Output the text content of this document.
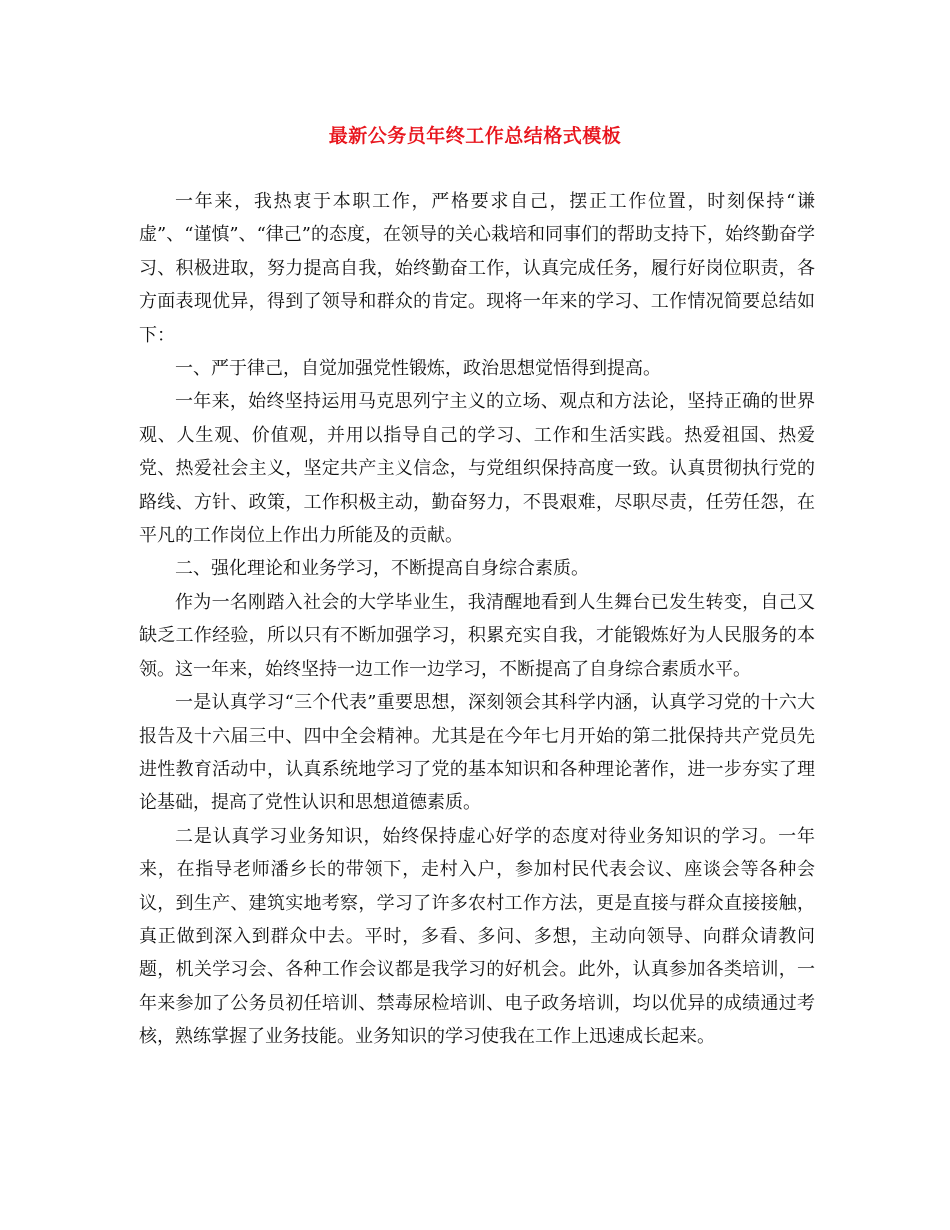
最新公务员年终工作总结格式模板

一年来，我热衷于本职工作，严格要求自己，摆正工作位置，时刻保持“谦虚”、“谨慎”、“律己”的态度，在领导的关心栽培和同事们的帮助支持下，始终勤奋学习、积极进取，努力提高自我，始终勤奋工作，认真完成任务，履行好岗位职责，各方面表现优异，得到了领导和群众的肯定。现将一年来的学习、工作情况简要总结如下：

一、严于律己，自觉加强党性锻炼，政治思想觉悟得到提高。

一年来，始终坚持运用马克思列宁主义的立场、观点和方法论，坚持正确的世界观、人生观、价值观，并用以指导自己的学习、工作和生活实践。热爱祖国、热爱党、热爱社会主义，坚定共产主义信念，与党组织保持高度一致。认真贯彻执行党的路线、方针、政策，工作积极主动，勤奋努力，不畏艰难，尽职尽责，任劳任怨，在平凡的工作岗位上作出力所能及的贡献。

二、强化理论和业务学习，不断提高自身综合素质。

作为一名刚踏入社会的大学毕业生，我清醒地看到人生舞台已发生转变，自己又缺乏工作经验，所以只有不断加强学习，积累充实自我，才能锻炼好为人民服务的本领。这一年来，始终坚持一边工作一边学习，不断提高了自身综合素质水平。

一是认真学习“三个代表”重要思想，深刻领会其科学内涵，认真学习党的十六大报告及十六届三中、四中全会精神。尤其是在今年七月开始的第二批保持共产党员先进性教育活动中，认真系统地学习了党的基本知识和各种理论著作，进一步夯实了理论基础，提高了党性认识和思想道德素质。

二是认真学习业务知识，始终保持虚心好学的态度对待业务知识的学习。一年来，在指导老师潘乡长的带领下，走村入户，参加村民代表会议、座谈会等各种会议，到生产、建筑实地考察，学习了许多农村工作方法，更是直接与群众直接接触，真正做到深入到群众中去。平时，多看、多问、多想，主动向领导、向群众请教问题，机关学习会、各种工作会议都是我学习的好机会。此外，认真参加各类培训，一年来参加了公务员初任培训、禁毒尿检培训、电子政务培训，均以优异的成绩通过考核，熟练掌握了业务技能。业务知识的学习使我在工作上迅速成长起来。
